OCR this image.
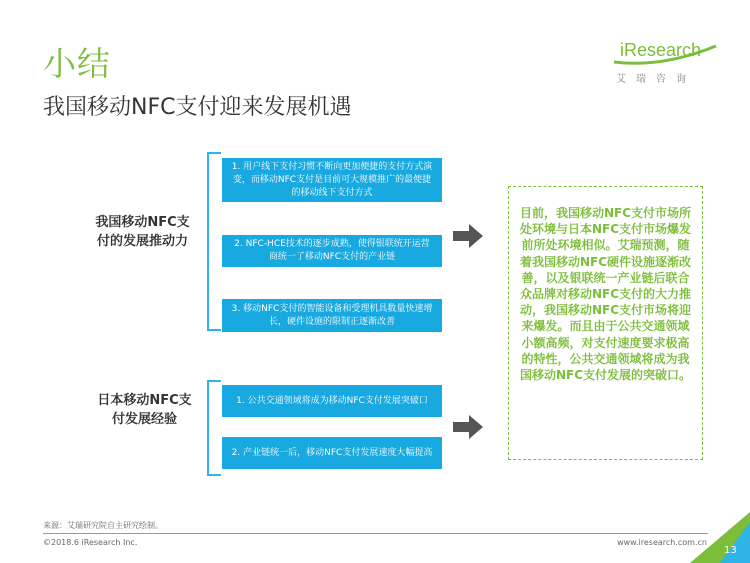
小结
我国移动NFC支付迎来发展机遇
iResearch
艾瑞咨询
我国移动NFC支付的发展推动力
1. 用户线下支付习惯不断向更加便捷的支付方式演变，而移动NFC支付是目前可大规模推广的最便捷的移动线下支付方式
2. NFC-HCE技术的逐步成熟，使得银联统开运营商统一了移动NFC支付的产业链
3. 移动NFC支付的智能设备和受理机具数量快速增长，硬件设施的限制正逐渐改善
日本移动NFC支付发展经验
1. 公共交通领域将成为移动NFC支付发展突破口
2. 产业链统一后，移动NFC支付发展速度大幅提高
目前，我国移动NFC支付市场所处环境与日本NFC支付市场爆发前所处环境相似。艾瑞预测，随着我国移动NFC硬件设施逐渐改善，以及银联统一产业链后联合众品牌对移动NFC支付的大力推动，我国移动NFC支付市场将迎来爆发。而且由于公共交通领域小额高频，对支付速度要求极高的特性，公共交通领域将成为我国移动NFC支付发展的突破口。
来源：艾瑞研究院自主研究绘制。
©2018.6 iResearch Inc.	www.iresearch.com.cn
13
